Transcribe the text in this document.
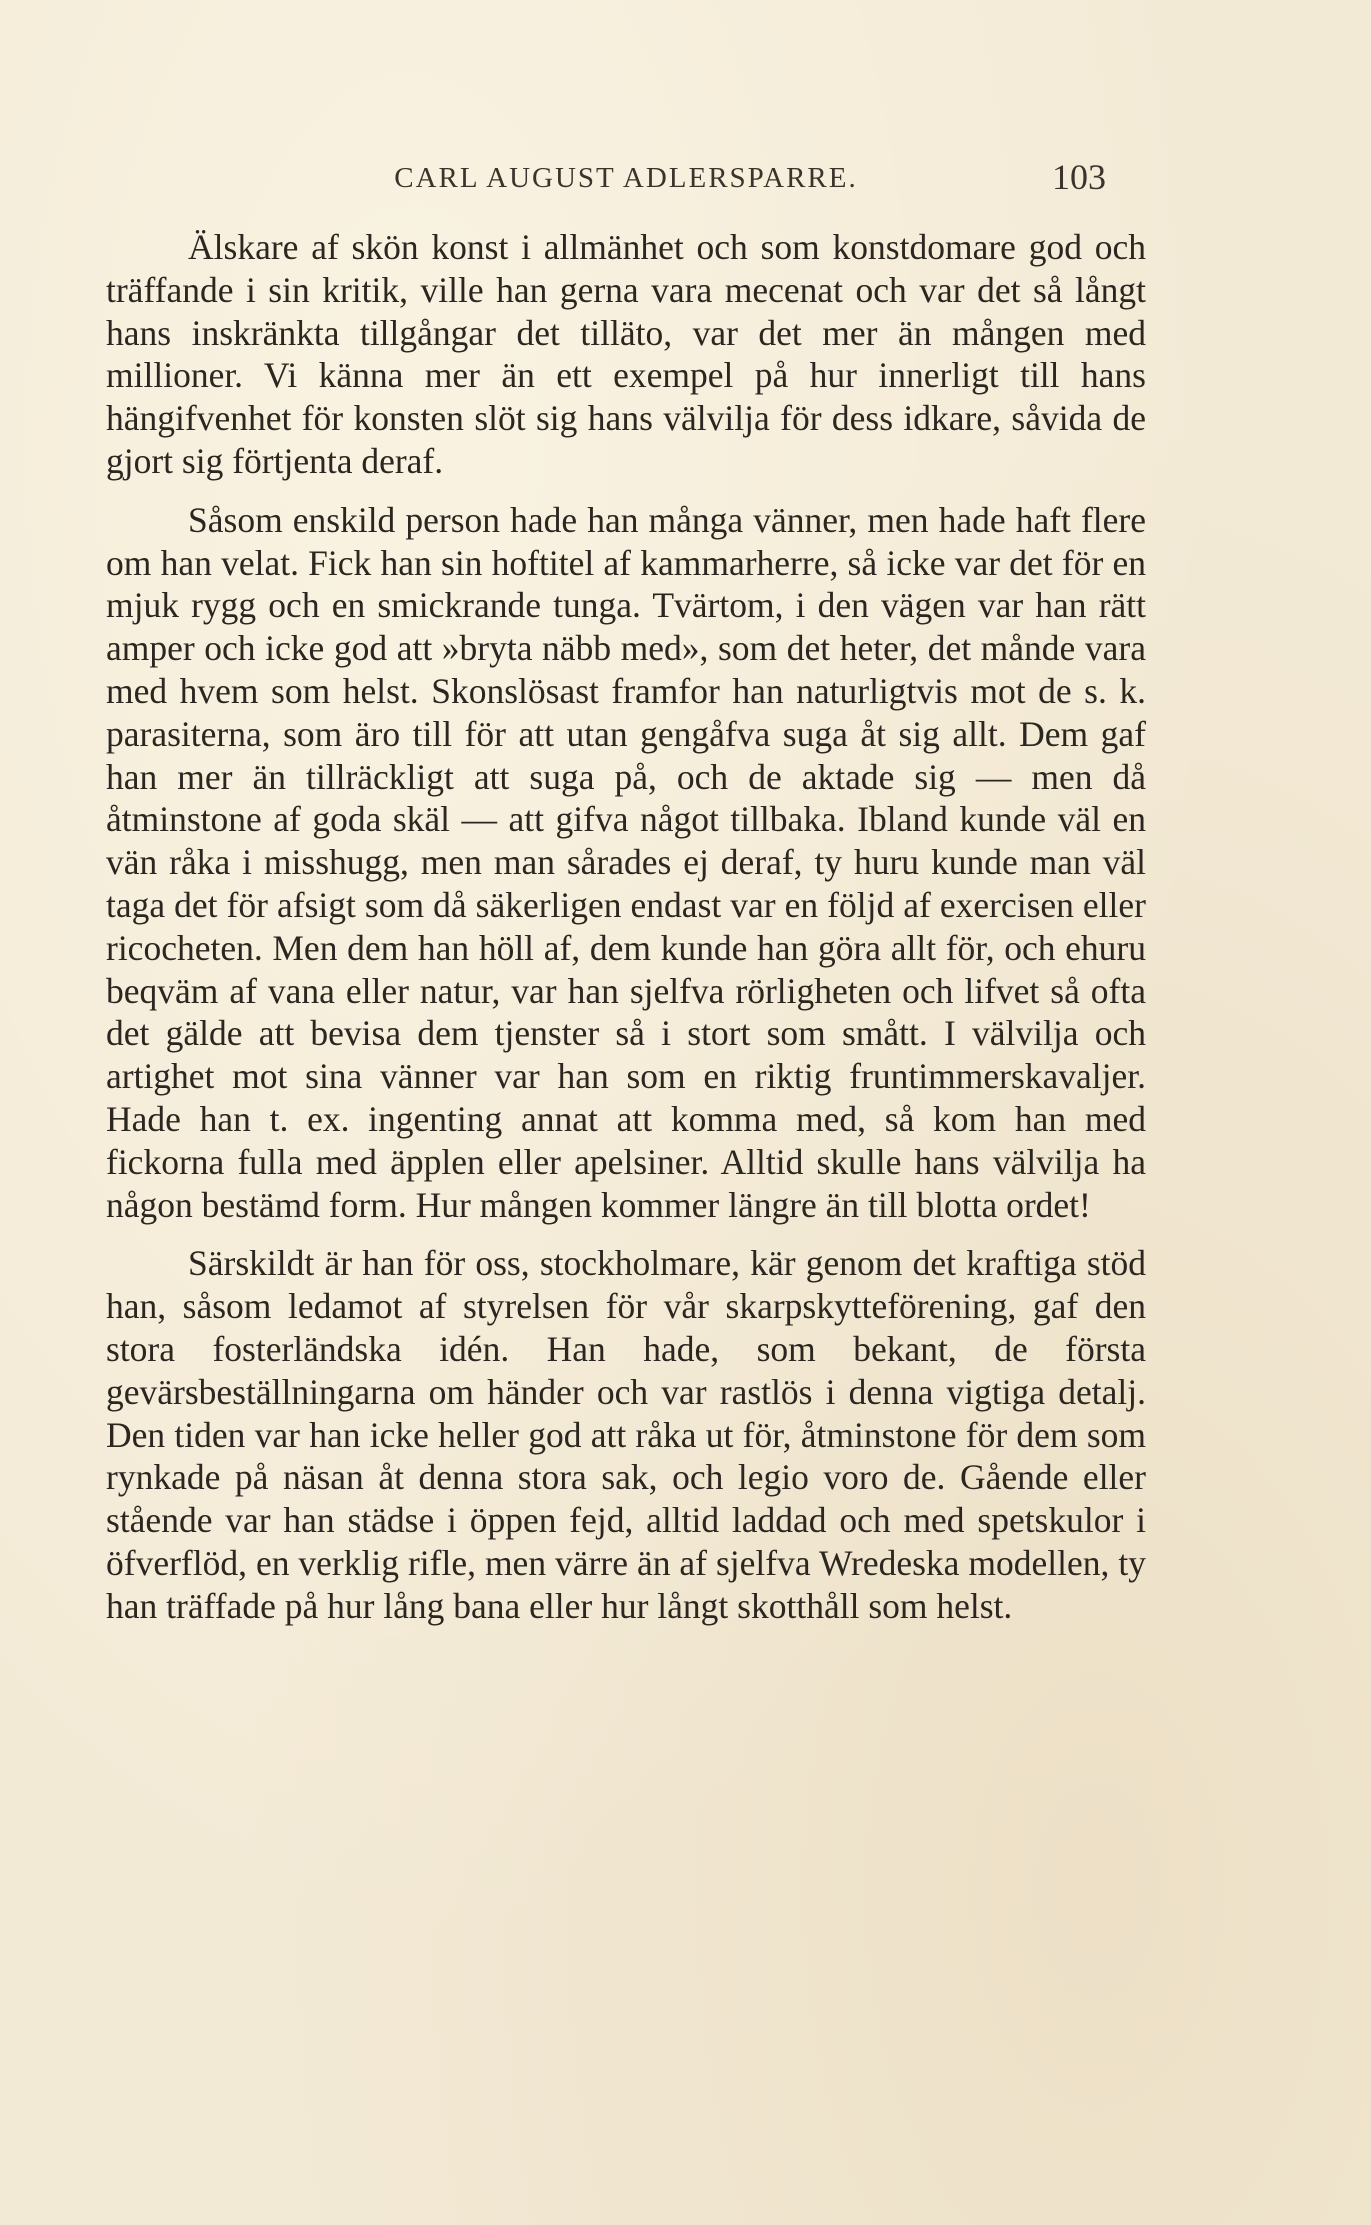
CARL AUGUST ADLERSPARRE.	103

Älskare af skön konst i allmänhet och som konstdomare god och träffande i sin kritik, ville han gerna vara mecenat och var det så långt hans inskränkta tillgångar det tilläto, var det mer än mången med millioner. Vi känna mer än ett exempel på hur innerligt till hans hängifvenhet för konsten slöt sig hans välvilja för dess idkare, såvida de gjort sig förtjenta deraf.

Såsom enskild person hade han många vänner, men hade haft flere om han velat. Fick han sin hoftitel af kammarherre, så icke var det för en mjuk rygg och en smickrande tunga. Tvärtom, i den vägen var han rätt amper och icke god att »bryta näbb med», som det heter, det månde vara med hvem som helst. Skonslösast framfor han naturligtvis mot de s. k. parasiterna, som äro till för att utan gengåfva suga åt sig allt. Dem gaf han mer än tillräckligt att suga på, och de aktade sig — men då åtminstone af goda skäl — att gifva något tillbaka. Ibland kunde väl en vän råka i misshugg, men man sårades ej deraf, ty huru kunde man väl taga det för afsigt som då säkerligen endast var en följd af exercisen eller ricocheten. Men dem han höll af, dem kunde han göra allt för, och ehuru beqväm af vana eller natur, var han sjelfva rörligheten och lifvet så ofta det gälde att bevisa dem tjenster så i stort som smått. I välvilja och artighet mot sina vänner var han som en riktig fruntimmerskavaljer. Hade han t. ex. ingenting annat att komma med, så kom han med fickorna fulla med äpplen eller apelsiner. Alltid skulle hans välvilja ha någon bestämd form. Hur mången kommer längre än till blotta ordet!

Särskildt är han för oss, stockholmare, kär genom det kraftiga stöd han, såsom ledamot af styrelsen för vår skarpskytteförening, gaf den stora fosterländska idén. Han hade, som bekant, de första gevärsbeställningarna om händer och var rastlös i denna vigtiga detalj. Den tiden var han icke heller god att råka ut för, åtminstone för dem som rynkade på näsan åt denna stora sak, och legio voro de. Gående eller stående var han städse i öppen fejd, alltid laddad och med spetskulor i öfverflöd, en verklig rifle, men värre än af sjelfva Wredeska modellen, ty han träffade på hur lång bana eller hur långt skotthåll som helst.
